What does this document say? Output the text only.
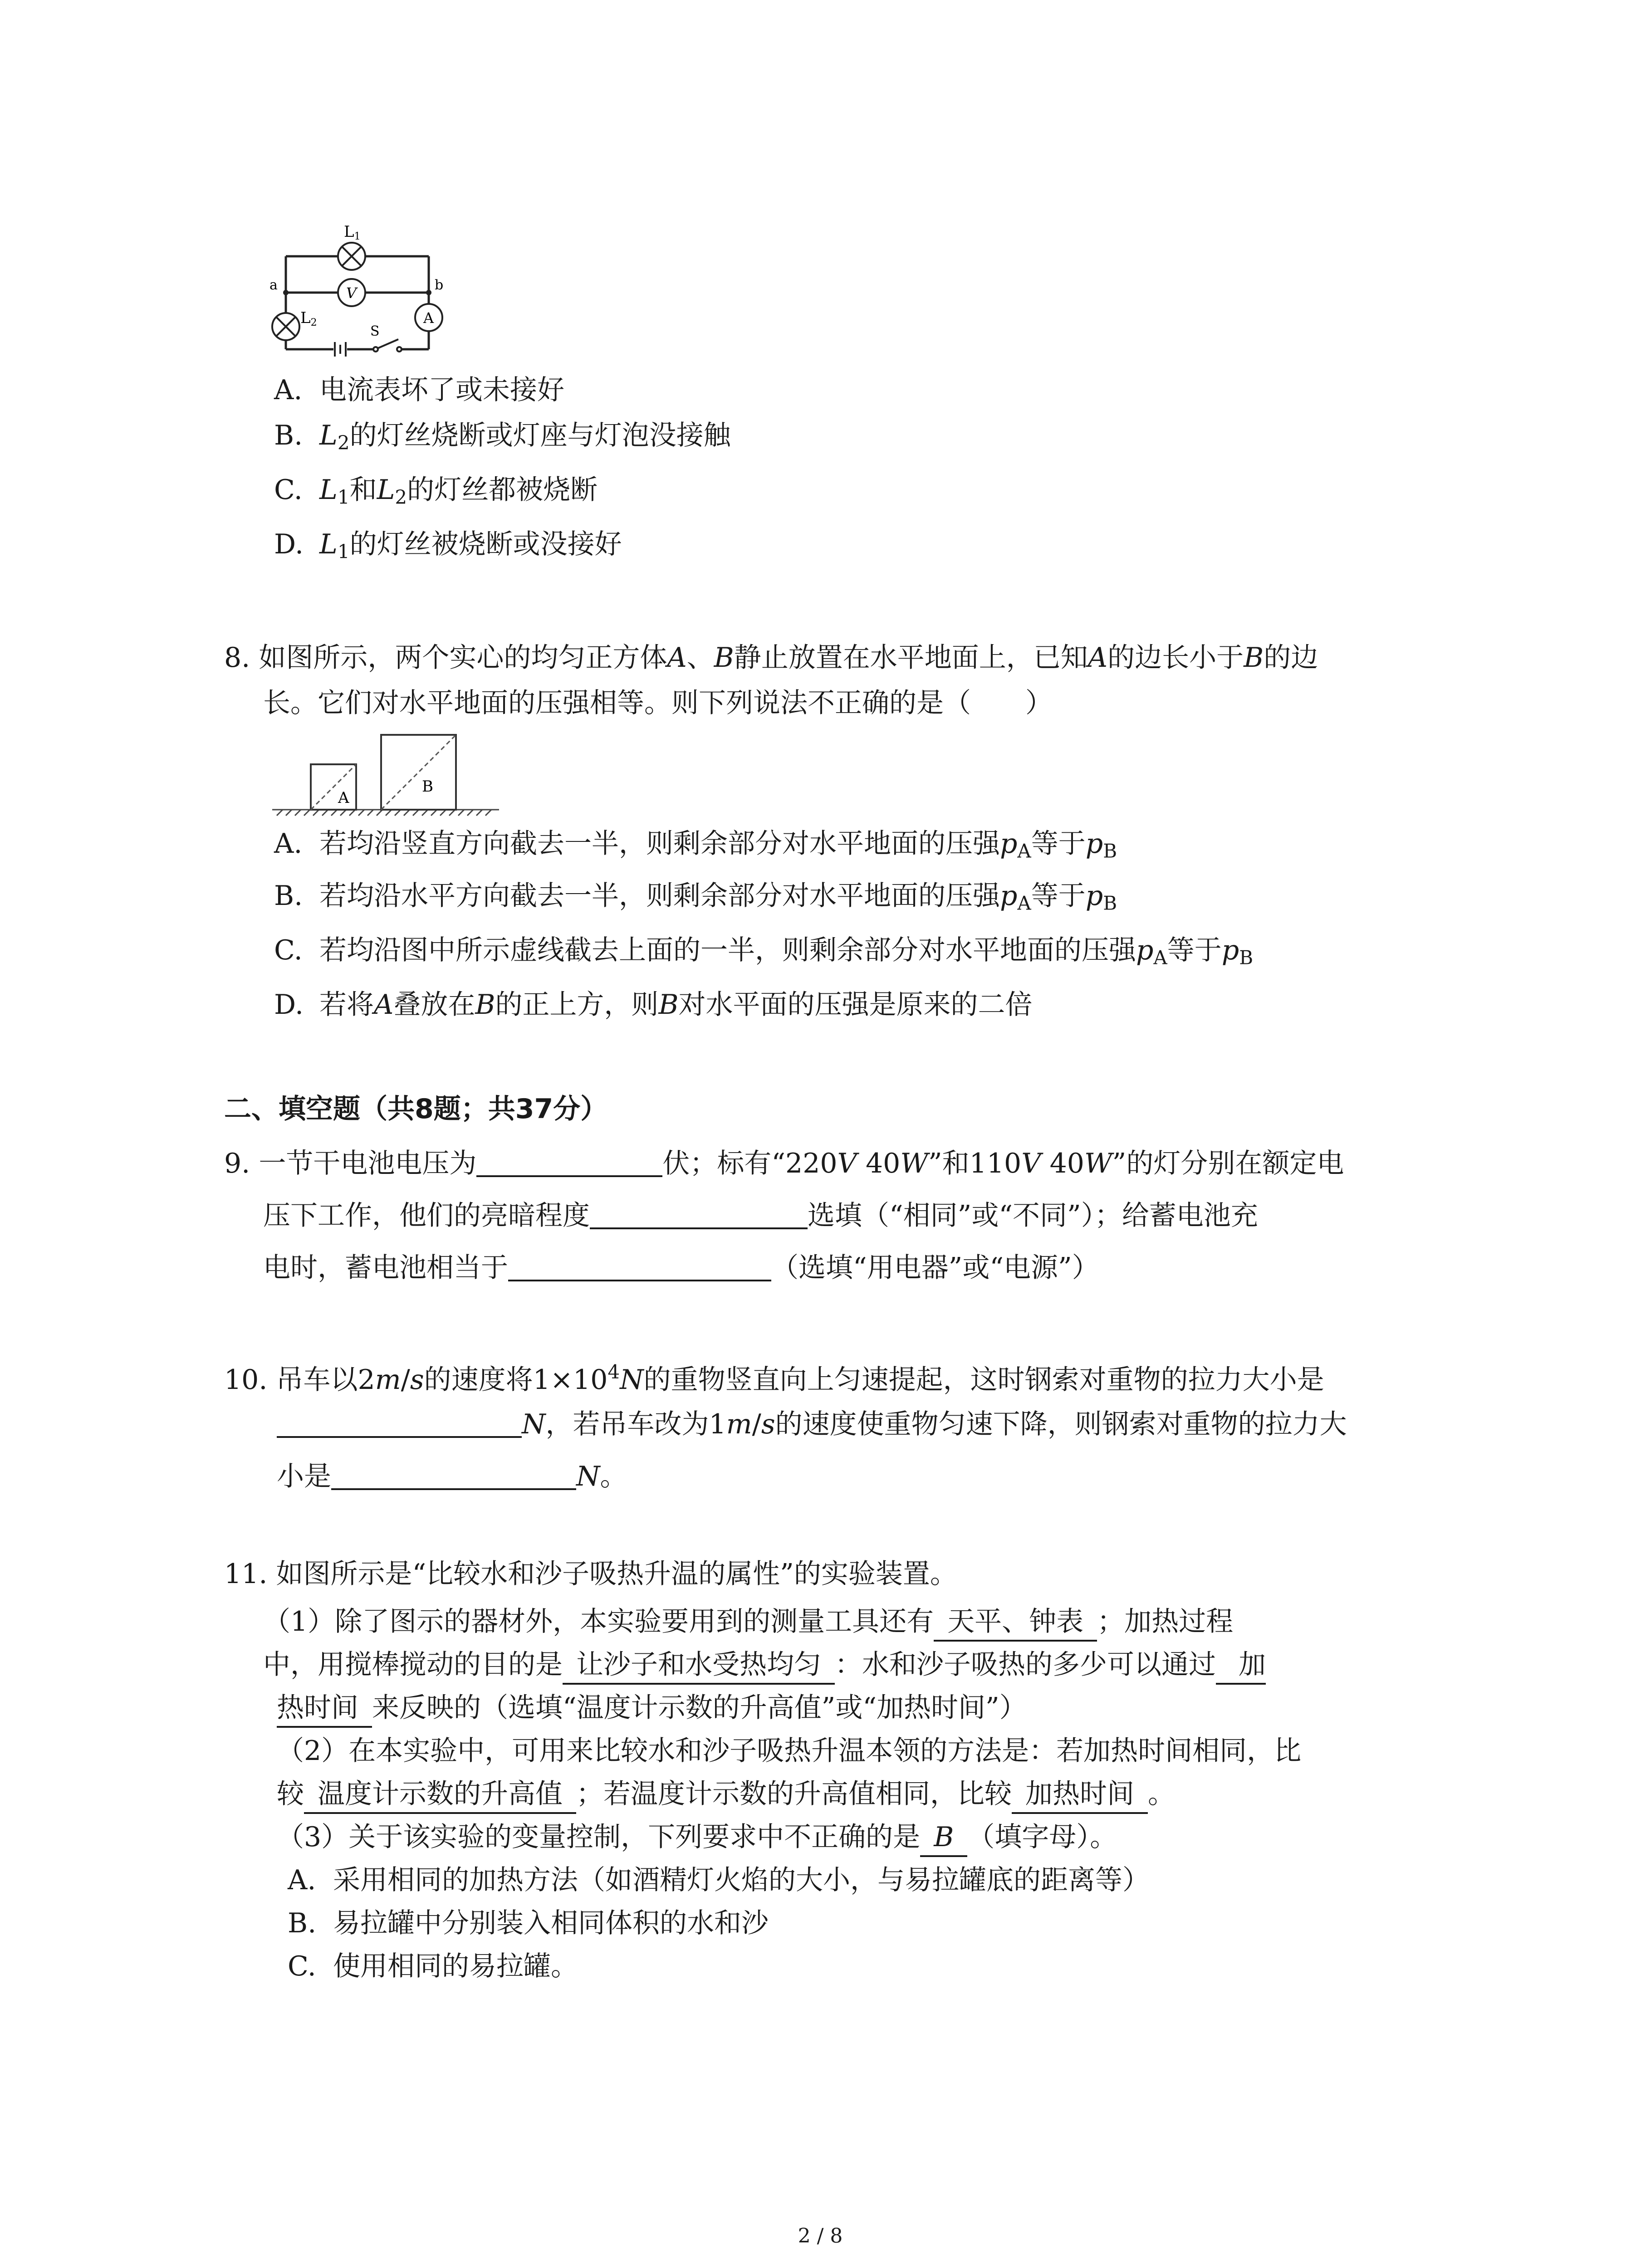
L1
V
L2	A
S
a	b
A. 电流表坏了或未接好
B. $L_2$的灯丝烧断或灯座与灯泡没接触
C. $L_1$和$L_2$的灯丝都被烧断
D. $L_1$的灯丝被烧断或没接好
8. 如图所示，两个实心的均匀正方体A、B静止放置在水平地面上，已知A的边长小于B的边
长。它们对水平地面的压强相等。则下列说法不正确的是（　　）
A
B
A. 若均沿竖直方向截去一半，则剩余部分对水平地面的压强$p_A$等于$p_B$
B. 若均沿水平方向截去一半，则剩余部分对水平地面的压强$p_A$等于$p_B$
C. 若均沿图中所示虚线截去上面的一半，则剩余部分对水平地面的压强$p_A$等于$p_B$
D. 若将A叠放在B的正上方，则B对水平面的压强是原来的二倍
二、填空题（共8题；共37分）
9. 一节干电池电压为	伏；标有“220V 40W”和110V 40W”的灯分别在额定电
压下工作，他们的亮暗程度	选填（“相同”或“不同”）；给蓄电池充
电时，蓄电池相当于	（选填“用电器”或“电源”）
10. 吊车以2m/s的速度将$1\times 10^4N$的重物竖直向上匀速提起，这时钢索对重物的拉力大小是
N，若吊车改为1m/s的速度使重物匀速下降，则钢索对重物的拉力大
小是	N。
11. 如图所示是“比较水和沙子吸热升温的属性”的实验装置。
（1）除了图示的器材外，本实验要用到的测量工具还有 天平、钟表 ；加热过程
中，用搅棒搅动的目的是 让沙子和水受热均匀 ：水和沙子吸热的多少可以通过 加
热时间 来反映的（选填“温度计示数的升高值”或“加热时间”）
（2）在本实验中，可用来比较水和沙子吸热升温本领的方法是：若加热时间相同，比
较 温度计示数的升高值 ；若温度计示数的升高值相同，比较 加热时间 。
（3）关于该实验的变量控制，下列要求中不正确的是 B （填字母）。
A. 采用相同的加热方法（如酒精灯火焰的大小，与易拉罐底的距离等）
B. 易拉罐中分别装入相同体积的水和沙
C. 使用相同的易拉罐。
2 / 8
